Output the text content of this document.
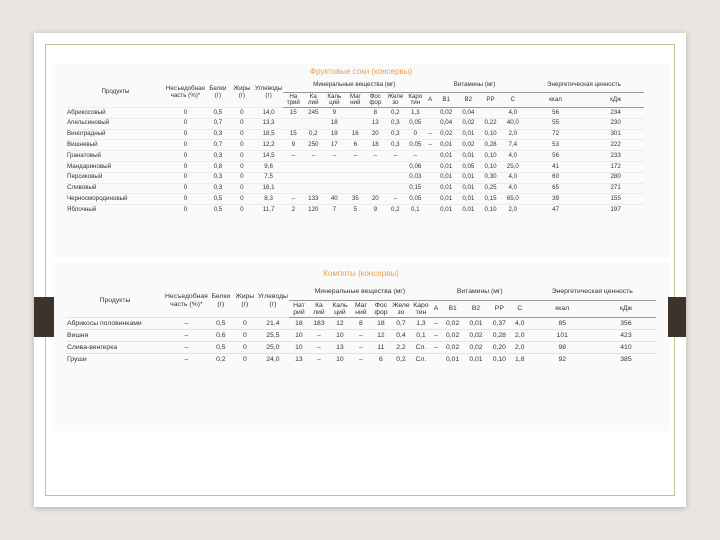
Фруктовые соки (консервы)
Продукты	Несъедобная часть (%)*	Белки (г)	Жиры (г)	Углеводы (г)	Минеральные вещества (мг)							Витамины (мг)					Энергетическая ценность	
					На трий	Ка лий	Каль ций	Маг ний	Фос фор	Желе зо	Каро тин	А	В1	В2	РР	С	ккал	кДж
Абрикосовый	0	0,5	0	14,0	15	245	9		8	0,2	1,3		0,02	0,04		4,0	56	234
Апельсиновый	0	0,7	0	13,3			18		13	0,3	0,05		0,04	0,02	0,22	40,0	55	230
Виноградный	0	0,3	0	18,5	15	0,2	19	16	20	0,3	0	–	0,02	0,01	0,10	2,0	72	301
Вишневый	0	0,7	0	12,2	9	250	17	6	18	0,3	0,05	–	0,01	0,02	0,28	7,4	53	222
Гранатовый	0	0,3	0	14,5	–	–	–	–	–	–	–		0,01	0,01	0,10	4,0	56	233
Мандариновый	0	0,8	0	9,6							0,06		0,01	0,05	0,10	25,0	41	172
Персиковый	0	0,3	0	7,5							0,03		0,01	0,01	0,30	4,0	60	280
Сливовый	0	0,3	0	16,1							0,15		0,01	0,01	0,25	4,0	65	271
Черносмородиновый	0	0,5	0	8,3	–	133	40	35	20	–	0,05		0,01	0,01	0,15	65,0	39	155
Яблочный	0	0,5	0	11,7	2	120	7	5	9	0,2	0,1		0,01	0,01	0,10	2,0	47	197
Компоты (консервы)
Продукты	Несъедобная часть (%)*	Белки (г)	Жиры (г)	Углеводы (г)	Минеральные вещества (мг)							Витамины (мг)					Энергетическая ценность	
					Нат рий	Ка лий	Каль ций	Маг ний	Фос фор	Желе зо	Каро тин	А	В1	В2	РР	С	ккал	кДж
Абрикосы половинками	–	0,5	0	21,4	18	183	12	8	18	0,7	1,3	–	0,02	0,01	0,37	4,0	85	356
Вишня	–	0,6	0	25,5	10	–	10	–	12	0,4	0,1	–	0,02	0,02	0,28	2,0	101	423
Слива-венгерка	–	0,5	0	25,0	10	–	13	–	11	2,2	Сл.	–	0,02	0,02	0,20	2,0	98	410
Груши	–	0,2	0	24,0	13	–	10	–	6	0,2	Сл.		0,01	0,01	0,10	1,8	92	385
